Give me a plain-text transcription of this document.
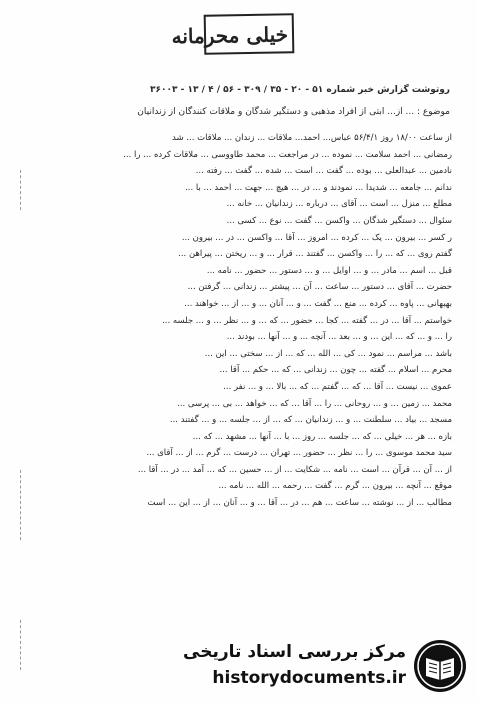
خیلی محرمانه
روتوشت گزارش خبر شماره ۵۱ - ۲۰ - ۳۵ / ۳۰۹ - ۵۶ / ۴ / ۱۳ - ۳۶۰۰۳
موضوع : ... از... ابتی از افراد مذهبی و دستگیر شدگان و ملاقات کنندگان از زندانیان
از ساعت ۱۸/۰۰ روز ۵۶/۴/۱ عباس... احمد... ملاقات ... زندان ... ملاقات ... شد
رمضانی ... احمد سلامت ... نموده ... در مراجعت ... محمد طاووسی ... ملاقات کرده ... را ...
نادمین ... عبدالعلی ... بوده ... گفت ... است ... شده ... گفت ... رفته ...
ندانم ... جامعه ... شدیدا ... نمودند و ... در ... هیچ ... جهت ... احمد ... با ...
مطلع ... منزل ... است ... آقای ... درباره ... زندانیان ... خانه ...
سئوال ... دستگیر شدگان ... واکسن ... گفت ... نوع ... کسی ...
ر کسر ... بیرون ... یک ... کرده ... امروز ... آقا ... واکسن ... در ... بیرون ...
گفتم روی ... که ... را ... واکسن ... گفتند ... قرار ... و ... ریختن ... پیراهن ...
قبل ... اسم ... مادر ... و ... اوایل ... و ... دستور ... حضور ... نامه ...
حضرت ... آقای ... دستور ... ساعت ... آن ... پیشتر ... زندانی ... گرفتن ...
بهبهانی ... پاوه ... کرده ... منع ... گفت ... و ... آنان ... و ... از ... خواهند ...
خواستم ... آقا ... در ... گفته ... کجا ... حضور ... که ... و ... نظر ... و ... جلسه ...
را ... و ... که ... این ... و ... بعد ... آنچه ... و ... آنها ... بودند ...
باشد ... مراسم ... نمود ... کی ... الله ... که ... از ... سختی ... این ...
محرم ... اسلام ... گفته ... چون ... زندانی ... که ... حکم ... آقا ...
عموی ... نیست ... آقا ... که ... گفتم ... که ... بالا ... و ... نفر ...
محمد ... زمین ... و ... روحانی ... را ... آقا ... که ... خواهد ... بی ... پرسی ...
مسجد ... بیاد ... سلطنت ... و ... زندانیان ... که ... از ... جلسه ... و ... گفتند ...
بازه ... هر ... خیلی ... که ... جلسه ... روز ... با ... آنها ... مشهد ... که ...
سید محمد موسوی ... را ... نظر ... حضور ... تهران ... درست ... گرم ... از ... آقای ...
از ... آن ... قرآن ... است ... نامه ... شکایت ... از ... حسین ... که ... آمد ... در ... آقا ...
موقع ... آنچه ... بیرون ... گرم ... گفت ... رحمه ... الله ... نامه ...
مطالب ... از ... نوشته ... ساعت ... هم ... در ... آقا ... و ... آنان ... از ... این ... است
مرکز بررسی اسناد تاریخی
historydocuments.ir
